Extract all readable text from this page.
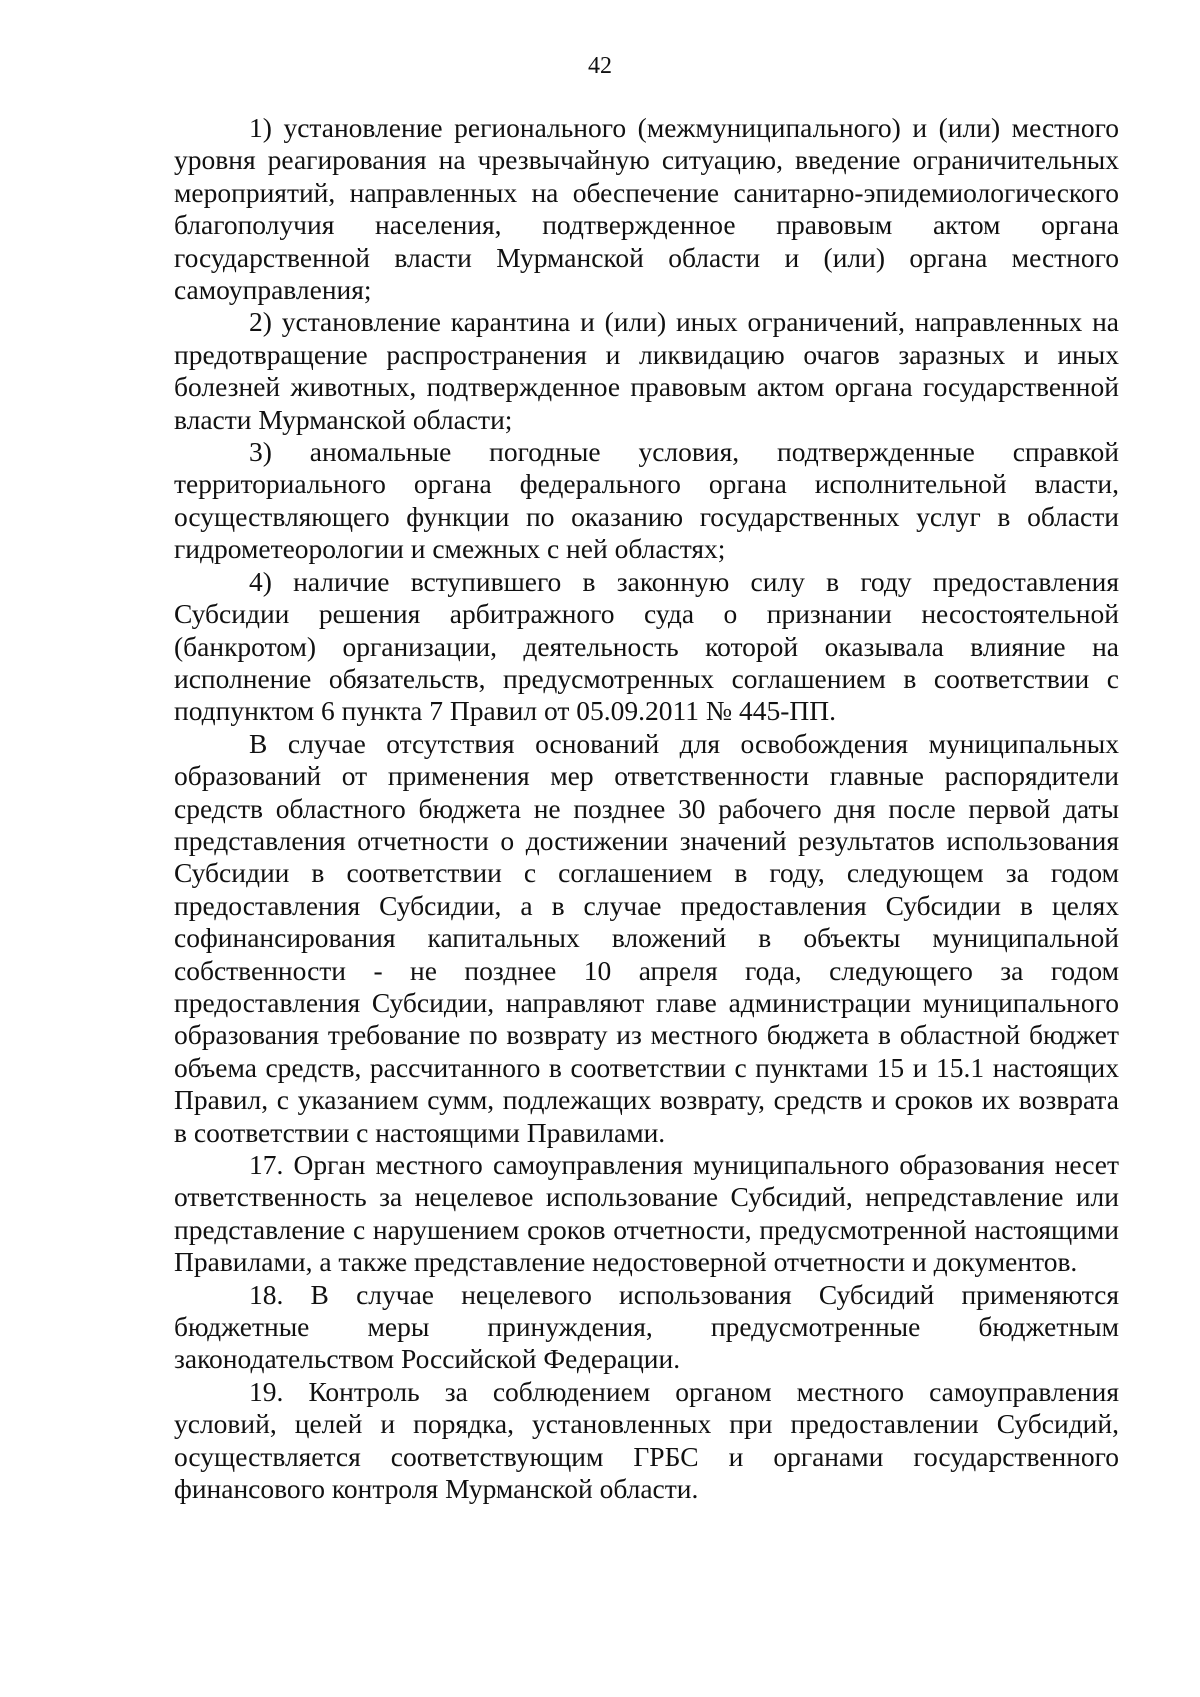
42

1) установление регионального (межмуниципального) и (или) местного уровня реагирования на чрезвычайную ситуацию, введение ограничительных мероприятий, направленных на обеспечение санитарно-эпидемиологического благополучия населения, подтвержденное правовым актом органа государственной власти Мурманской области и (или) органа местного самоуправления;

2) установление карантина и (или) иных ограничений, направленных на предотвращение распространения и ликвидацию очагов заразных и иных болезней животных, подтвержденное правовым актом органа государственной власти Мурманской области;

3) аномальные погодные условия, подтвержденные справкой территориального органа федерального органа исполнительной власти, осуществляющего функции по оказанию государственных услуг в области гидрометеорологии и смежных с ней областях;

4) наличие вступившего в законную силу в году предоставления Субсидии решения арбитражного суда о признании несостоятельной (банкротом) организации, деятельность которой оказывала влияние на исполнение обязательств, предусмотренных соглашением в соответствии с подпунктом 6 пункта 7 Правил от 05.09.2011 № 445-ПП.

В случае отсутствия оснований для освобождения муниципальных образований от применения мер ответственности главные распорядители средств областного бюджета не позднее 30 рабочего дня после первой даты представления отчетности о достижении значений результатов использования Субсидии в соответствии с соглашением в году, следующем за годом предоставления Субсидии, а в случае предоставления Субсидии в целях софинансирования капитальных вложений в объекты муниципальной собственности - не позднее 10 апреля года, следующего за годом предоставления Субсидии, направляют главе администрации муниципального образования требование по возврату из местного бюджета в областной бюджет объема средств, рассчитанного в соответствии с пунктами 15 и 15.1 настоящих Правил, с указанием сумм, подлежащих возврату, средств и сроков их возврата в соответствии с настоящими Правилами.

17. Орган местного самоуправления муниципального образования несет ответственность за нецелевое использование Субсидий, непредставление или представление с нарушением сроков отчетности, предусмотренной настоящими Правилами, а также представление недостоверной отчетности и документов.

18. В случае нецелевого использования Субсидий применяются бюджетные меры принуждения, предусмотренные бюджетным законодательством Российской Федерации.

19. Контроль за соблюдением органом местного самоуправления условий, целей и порядка, установленных при предоставлении Субсидий, осуществляется соответствующим ГРБС и органами государственного финансового контроля Мурманской области.
